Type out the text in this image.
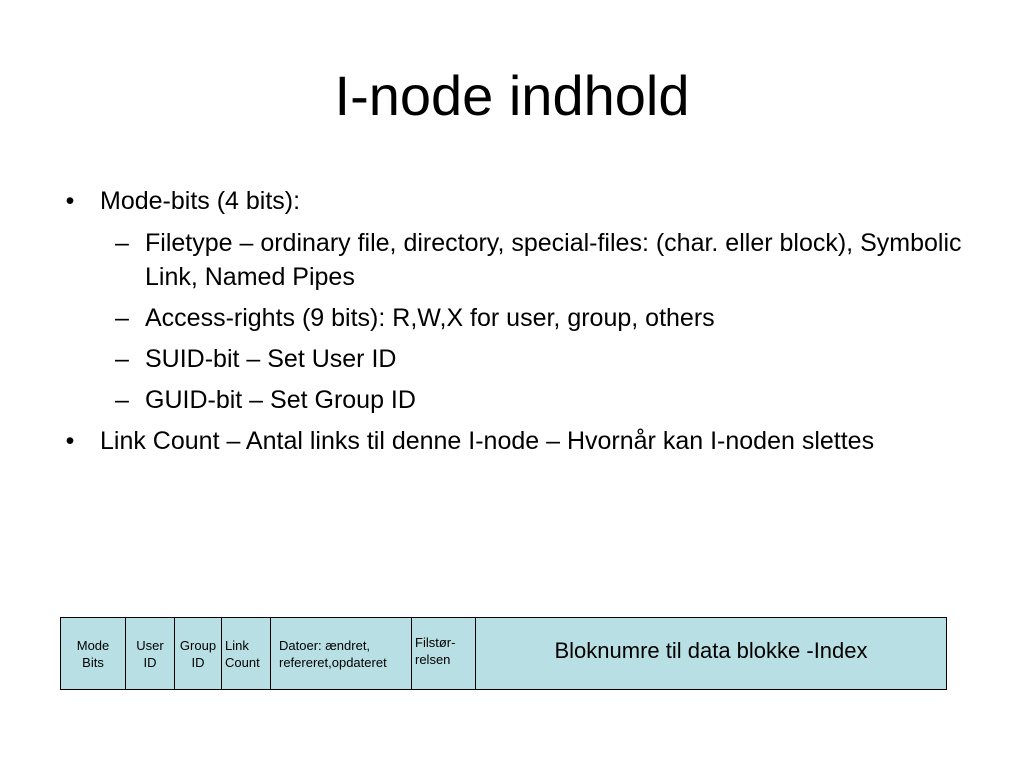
I-node indhold
• Mode-bits (4 bits):
– Filetype – ordinary file, directory, special-files: (char. eller block), Symbolic Link, Named Pipes
– Access-rights (9 bits): R,W,X for user, group, others
– SUID-bit – Set User ID
– GUID-bit – Set Group ID
• Link Count – Antal links til denne I-node – Hvornår kan I-noden slettes
Mode
Bits	User
ID	Group
ID	Link
Count	Datoer: ændret,
refereret,opdateret	Filstør-
relsen	Bloknumre til data blokke -Index
